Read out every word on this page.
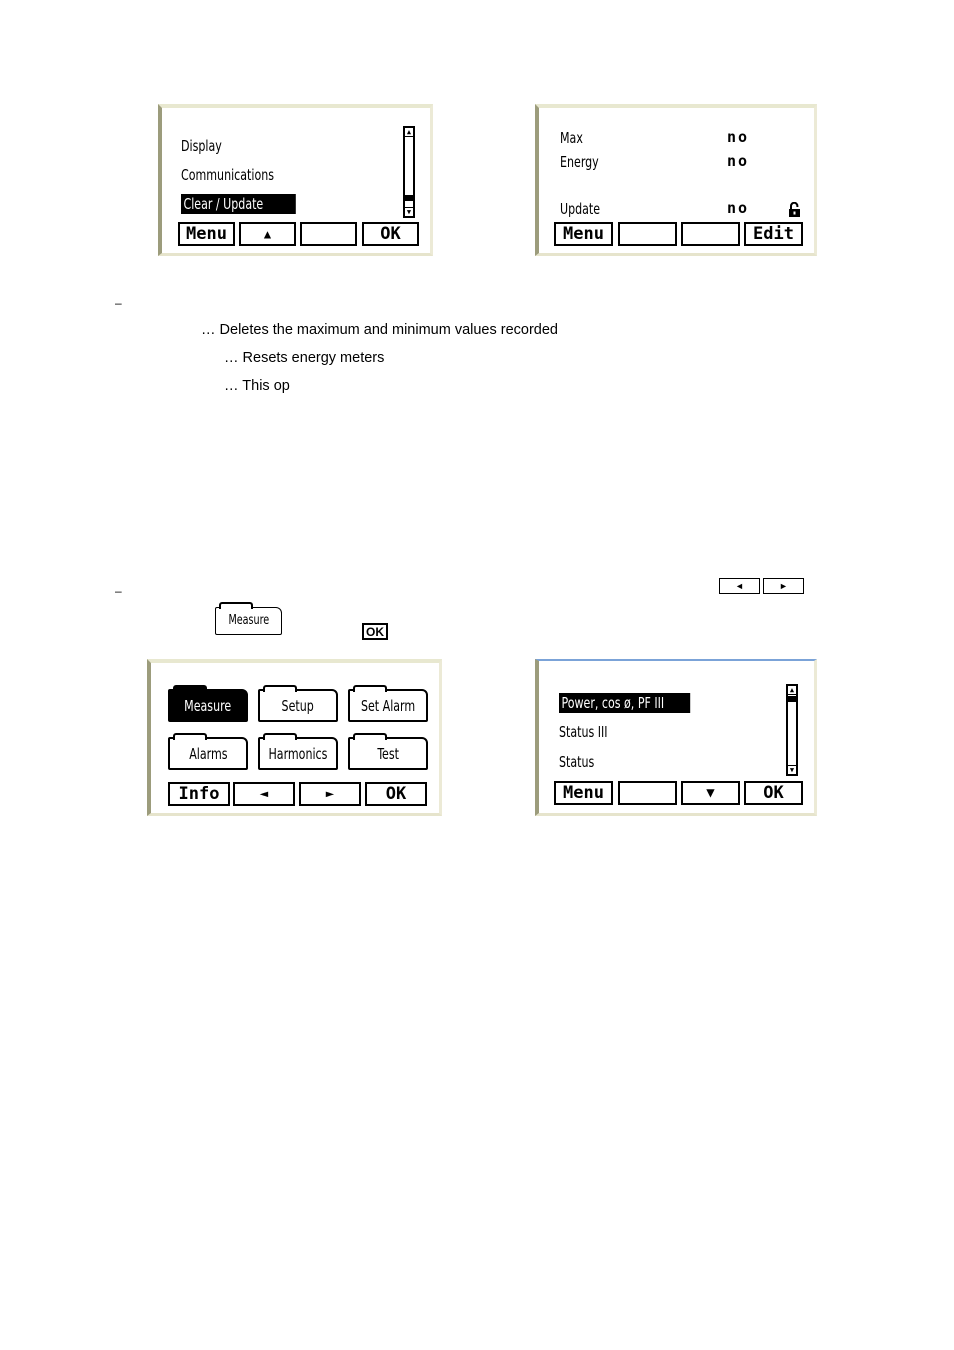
Display
Communications
Clear / Update
▲
▼
Menu	▲	OK
Max	no
Energy	no
Update	no
Menu	Edit
–
… Deletes the maximum and minimum values recorded
… Resets energy meters
… This op
–	◄	►
Measure
OK
Measure	Setup	Set Alarm
Alarms	Harmonics	Test
Info	◄	►	OK
Power, cos ø, PF III
Status III
Status
▲
▼
Menu	▼	OK
